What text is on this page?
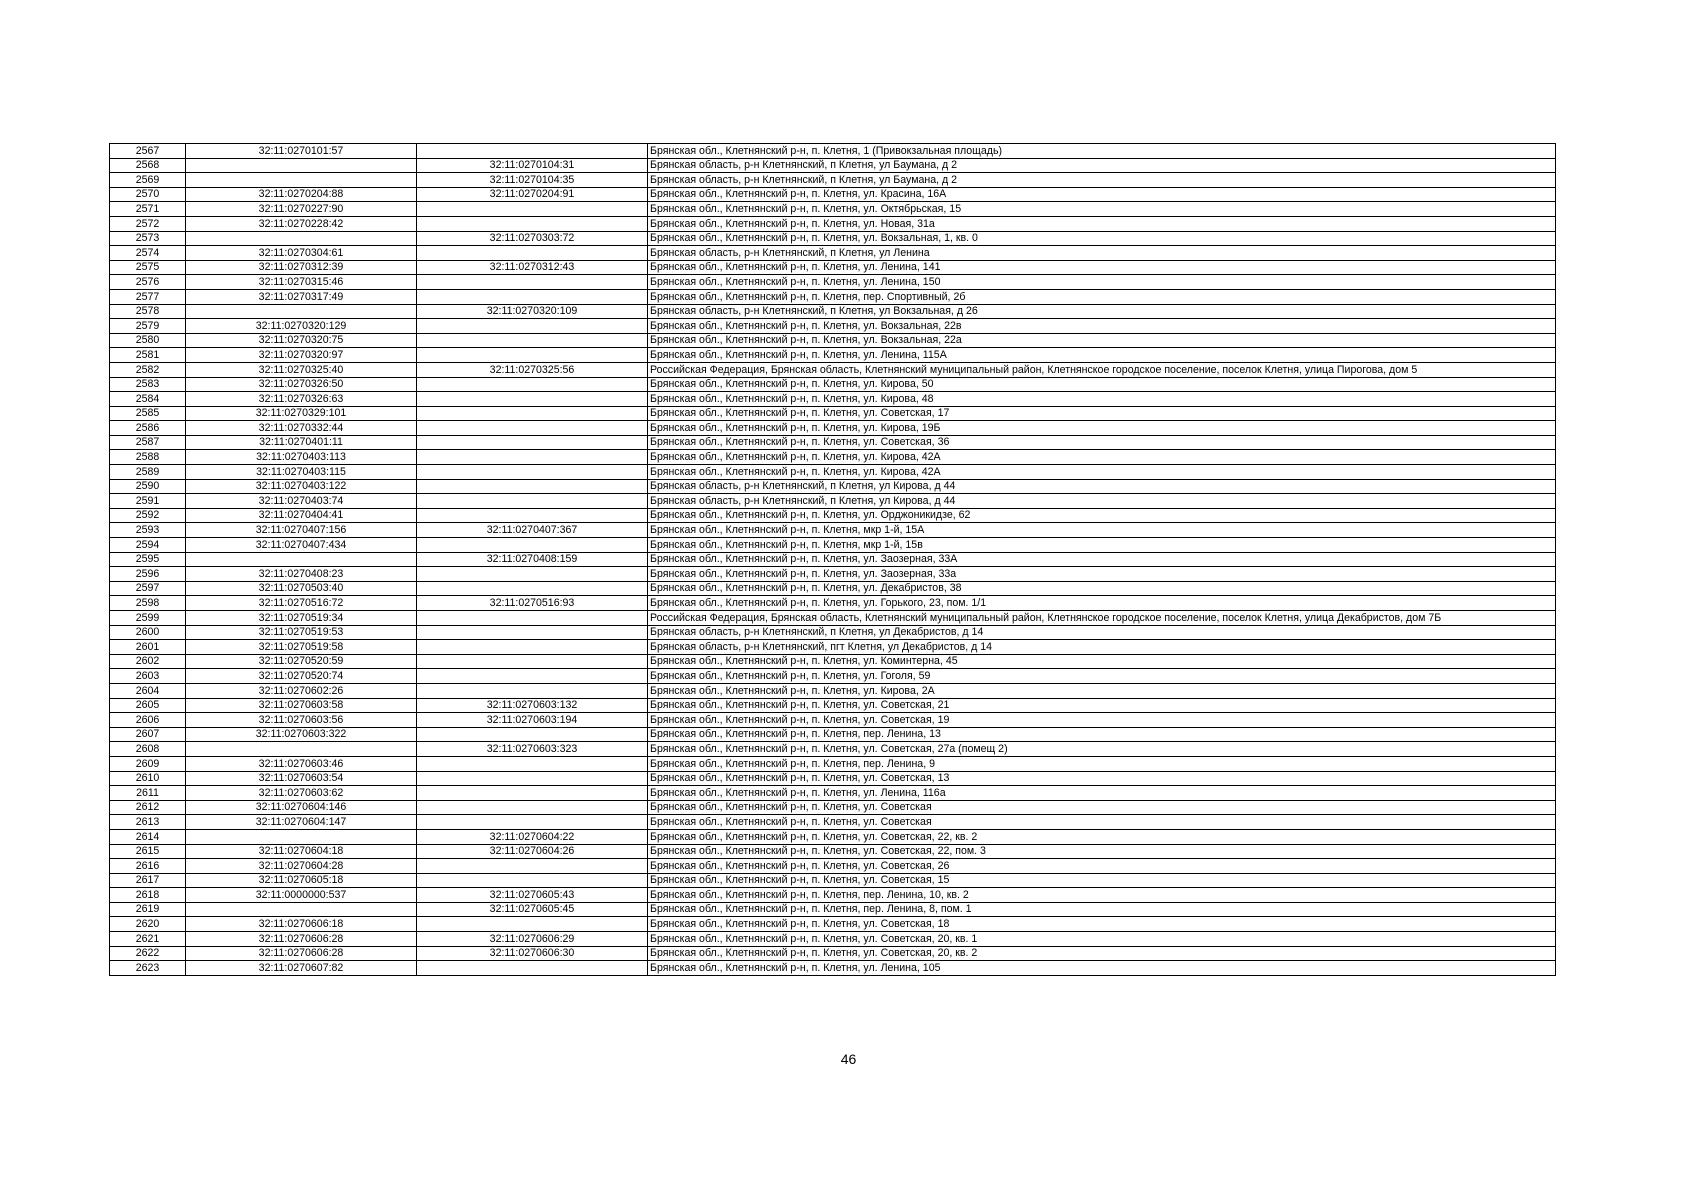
2567	32:11:0270101:57		Брянская обл., Клетнянский р-н, п. Клетня, 1 (Привокзальная площадь)
2568		32:11:0270104:31	Брянская область, р-н Клетнянский, п Клетня, ул Баумана, д 2
2569		32:11:0270104:35	Брянская область, р-н Клетнянский, п Клетня, ул Баумана, д 2
2570	32:11:0270204:88	32:11:0270204:91	Брянская обл., Клетнянский р-н, п. Клетня, ул. Красина, 16А
2571	32:11:0270227:90		Брянская обл., Клетнянский р-н, п. Клетня, ул. Октябрьская, 15
2572	32:11:0270228:42		Брянская обл., Клетнянский р-н, п. Клетня, ул. Новая, 31а
2573		32:11:0270303:72	Брянская обл., Клетнянский р-н, п. Клетня, ул. Вокзальная, 1, кв. 0
2574	32:11:0270304:61		Брянская область, р-н Клетнянский, п Клетня, ул Ленина
2575	32:11:0270312:39	32:11:0270312:43	Брянская обл., Клетнянский р-н, п. Клетня, ул. Ленина, 141
2576	32:11:0270315:46		Брянская обл., Клетнянский р-н, п. Клетня, ул. Ленина, 150
2577	32:11:0270317:49		Брянская обл., Клетнянский р-н, п. Клетня, пер. Спортивный, 2б
2578		32:11:0270320:109	Брянская область, р-н Клетнянский, п Клетня, ул Вокзальная, д 26
2579	32:11:0270320:129		Брянская обл., Клетнянский р-н, п. Клетня, ул. Вокзальная, 22в
2580	32:11:0270320:75		Брянская обл., Клетнянский р-н, п. Клетня, ул. Вокзальная, 22а
2581	32:11:0270320:97		Брянская обл., Клетнянский р-н, п. Клетня, ул. Ленина, 115А
2582	32:11:0270325:40	32:11:0270325:56	Российская Федерация, Брянская область, Клетнянский муниципальный район, Клетнянское городское поселение, поселок Клетня, улица Пирогова, дом 5
2583	32:11:0270326:50		Брянская обл., Клетнянский р-н, п. Клетня, ул. Кирова, 50
2584	32:11:0270326:63		Брянская обл., Клетнянский р-н, п. Клетня, ул. Кирова, 48
2585	32:11:0270329:101		Брянская обл., Клетнянский р-н, п. Клетня, ул. Советская, 17
2586	32:11:0270332:44		Брянская обл., Клетнянский р-н, п. Клетня, ул. Кирова, 19Б
2587	32:11:0270401:11		Брянская обл., Клетнянский р-н, п. Клетня, ул. Советская, 36
2588	32:11:0270403:113		Брянская обл., Клетнянский р-н, п. Клетня, ул. Кирова, 42А
2589	32:11:0270403:115		Брянская обл., Клетнянский р-н, п. Клетня, ул. Кирова, 42А
2590	32:11:0270403:122		Брянская область, р-н Клетнянский, п Клетня, ул Кирова, д 44
2591	32:11:0270403:74		Брянская область, р-н Клетнянский, п Клетня, ул Кирова, д 44
2592	32:11:0270404:41		Брянская обл., Клетнянский р-н, п. Клетня, ул. Орджоникидзе, 62
2593	32:11:0270407:156	32:11:0270407:367	Брянская обл., Клетнянский р-н, п. Клетня, мкр 1-й, 15А
2594	32:11:0270407:434		Брянская обл., Клетнянский р-н, п. Клетня, мкр 1-й, 15в
2595		32:11:0270408:159	Брянская обл., Клетнянский р-н, п. Клетня, ул. Заозерная, 33А
2596	32:11:0270408:23		Брянская обл., Клетнянский р-н, п. Клетня, ул. Заозерная, 33а
2597	32:11:0270503:40		Брянская обл., Клетнянский р-н, п. Клетня, ул. Декабристов, 38
2598	32:11:0270516:72	32:11:0270516:93	Брянская обл., Клетнянский р-н, п. Клетня, ул. Горького, 23, пом. 1/1
2599	32:11:0270519:34		Российская Федерация, Брянская область, Клетнянский муниципальный район, Клетнянское городское поселение, поселок Клетня, улица Декабристов, дом 7Б
2600	32:11:0270519:53		Брянская область, р-н Клетнянский, п Клетня, ул Декабристов, д 14
2601	32:11:0270519:58		Брянская область, р-н Клетнянский, пгт Клетня, ул Декабристов, д 14
2602	32:11:0270520:59		Брянская обл., Клетнянский р-н, п. Клетня, ул. Коминтерна, 45
2603	32:11:0270520:74		Брянская обл., Клетнянский р-н, п. Клетня, ул. Гоголя, 59
2604	32:11:0270602:26		Брянская обл., Клетнянский р-н, п. Клетня, ул. Кирова, 2А
2605	32:11:0270603:58	32:11:0270603:132	Брянская обл., Клетнянский р-н, п. Клетня, ул. Советская, 21
2606	32:11:0270603:56	32:11:0270603:194	Брянская обл., Клетнянский р-н, п. Клетня, ул. Советская, 19
2607	32:11:0270603:322		Брянская обл., Клетнянский р-н, п. Клетня, пер. Ленина, 13
2608		32:11:0270603:323	Брянская обл., Клетнянский р-н, п. Клетня, ул. Советская, 27а (помещ 2)
2609	32:11:0270603:46		Брянская обл., Клетнянский р-н, п. Клетня, пер. Ленина, 9
2610	32:11:0270603:54		Брянская обл., Клетнянский р-н, п. Клетня, ул. Советская, 13
2611	32:11:0270603:62		Брянская обл., Клетнянский р-н, п. Клетня, ул. Ленина, 116а
2612	32:11:0270604:146		Брянская обл., Клетнянский р-н, п. Клетня, ул. Советская
2613	32:11:0270604:147		Брянская обл., Клетнянский р-н, п. Клетня, ул. Советская
2614		32:11:0270604:22	Брянская обл., Клетнянский р-н, п. Клетня, ул. Советская, 22, кв. 2
2615	32:11:0270604:18	32:11:0270604:26	Брянская обл., Клетнянский р-н, п. Клетня, ул. Советская, 22, пом. 3
2616	32:11:0270604:28		Брянская обл., Клетнянский р-н, п. Клетня, ул. Советская, 26
2617	32:11:0270605:18		Брянская обл., Клетнянский р-н, п. Клетня, ул. Советская, 15
2618	32:11:0000000:537	32:11:0270605:43	Брянская обл., Клетнянский р-н, п. Клетня, пер. Ленина, 10, кв. 2
2619		32:11:0270605:45	Брянская обл., Клетнянский р-н, п. Клетня, пер. Ленина, 8, пом. 1
2620	32:11:0270606:18		Брянская обл., Клетнянский р-н, п. Клетня, ул. Советская, 18
2621	32:11:0270606:28	32:11:0270606:29	Брянская обл., Клетнянский р-н, п. Клетня, ул. Советская, 20, кв. 1
2622	32:11:0270606:28	32:11:0270606:30	Брянская обл., Клетнянский р-н, п. Клетня, ул. Советская, 20, кв. 2
2623	32:11:0270607:82		Брянская обл., Клетнянский р-н, п. Клетня, ул. Ленина, 105
46
